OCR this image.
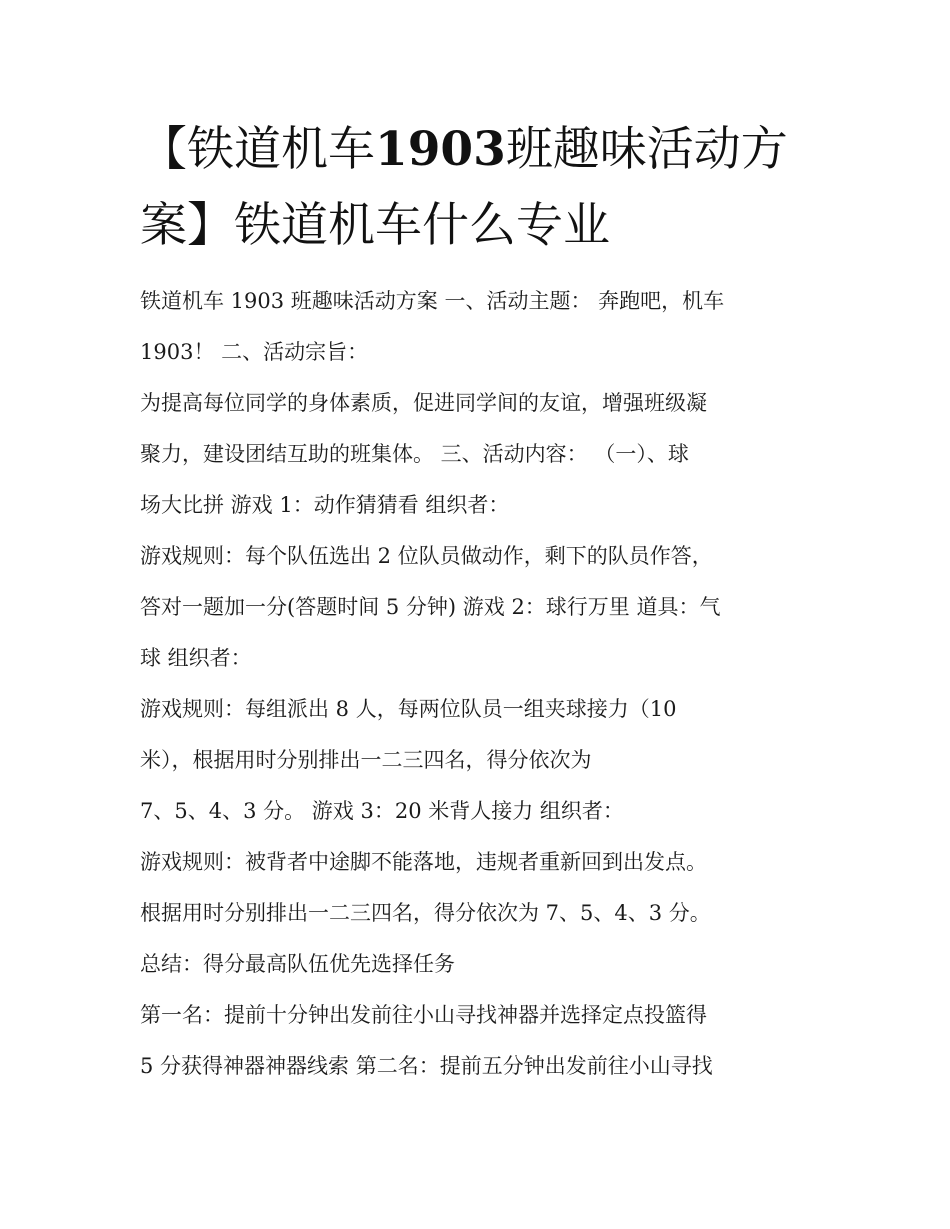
【铁道机车1903班趣味活动方案】铁道机车什么专业
铁道机车 1903 班趣味活动方案 一、活动主题： 奔跑吧，机车
1903！ 二、活动宗旨：
为提高每位同学的身体素质，促进同学间的友谊，增强班级凝
聚力，建设团结互助的班集体。 三、活动内容： （一）、球
场大比拼 游戏 1：动作猜猜看 组织者：
游戏规则：每个队伍选出 2 位队员做动作，剩下的队员作答，
答对一题加一分(答题时间 5 分钟) 游戏 2：球行万里 道具：气
球 组织者：
游戏规则：每组派出 8 人，每两位队员一组夹球接力（10
米），根据用时分别排出一二三四名，得分依次为
7、5、4、3 分。 游戏 3：20 米背人接力 组织者：
游戏规则：被背者中途脚不能落地，违规者重新回到出发点。
根据用时分别排出一二三四名，得分依次为 7、5、4、3 分。
总结：得分最高队伍优先选择任务
第一名：提前十分钟出发前往小山寻找神器并选择定点投篮得
5 分获得神器神器线索 第二名：提前五分钟出发前往小山寻找
